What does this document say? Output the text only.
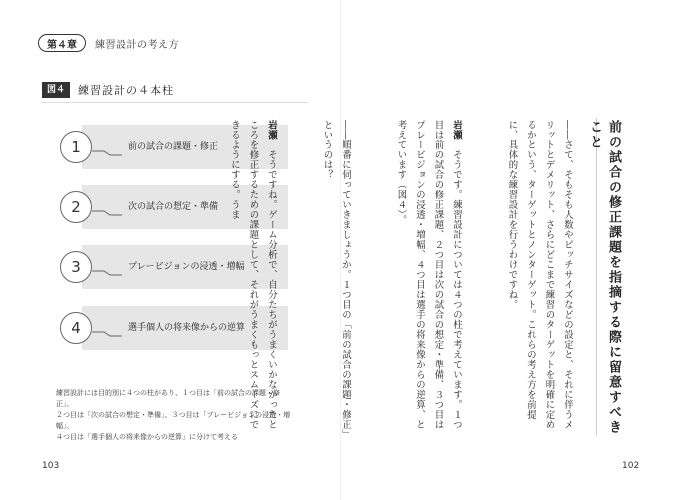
第４章	練習設計の考え方
図４	練習設計の４本柱
1	前の試合の課題・修正
2	次の試合の想定・準備
3	プレービジョンの浸透・増幅
4	選手個人の将来像からの逆算
練習設計には目的別に４つの柱があり、１つ目は「前の試合の課題・修正」、
２つ目は「次の試合の想定・準備」、３つ目は「プレービジョンの浸透・増幅」、
４つ目は「選手個人の将来像からの逆算」に分けて考える
103
前の試合の修正課題を指摘する際に留意すべきこと

――さて、そもそも人数やピッチサイズなどの設定と、それに伴うメリットとデメリット、さらにどこまで練習のターゲットを明確に定めるかという、ターゲットとノンターゲット。これらの考え方を前提に、具体的な練習設計を行うわけですね。

岩瀬　そうです。練習設計については４つの柱で考えています。１つ目は前の試合の修正課題、２つ目は次の試合の想定・準備、３つ目はプレービジョンの浸透・増幅、４つ目は選手の将来像からの逆算、と考えています（図４）。

――順番に伺っていきましょうか。１つ目の「前の試合の課題・修正」というのは？

岩瀬　そうですね。ゲーム分析で、自分たちがうまくいかなかったところを修正するための課題として、それがうまくもっとスムーズにできるようにする。うま

102
